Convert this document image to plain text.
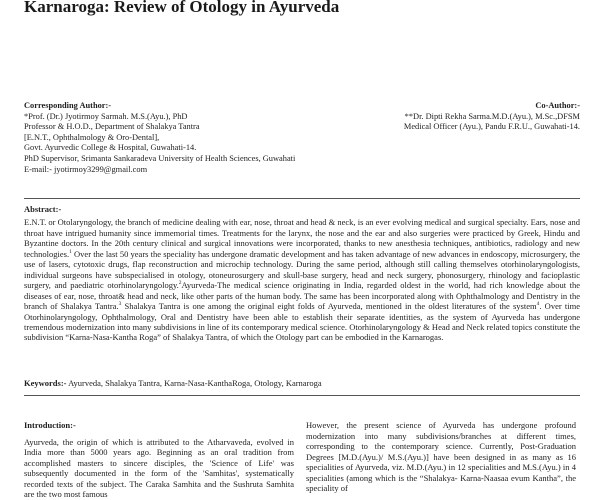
Karnaroga: Review of Otology in Ayurveda
Corresponding Author:-
*Prof. (Dr.) Jyotirmoy Sarmah. M.S.(Ayu.), PhD
Professor & H.O.D., Department of Shalakya Tantra
[E.N.T., Ophthalmology & Oro-Dental],
Govt. Ayurvedic College & Hospital, Guwahati-14.
PhD Supervisor, Srimanta Sankaradeva University of Health Sciences, Guwahati
E-mail:- jyotirmoy3299@gmail.com
Co-Author:-
**Dr. Dipti Rekha Sarma.M.D.(Ayu.), M.Sc.,DFSM
Medical Officer (Ayu.), Pandu F.R.U., Guwahati-14.
Abstract:-

E.N.T. or Otolaryngology, the branch of medicine dealing with ear, nose, throat and head & neck, is an ever evolving medical and surgical specialty. Ears, nose and throat have intrigued humanity since immemorial times. Treatments for the larynx, the nose and the ear and also surgeries were practiced by Greek, Hindu and Byzantine doctors. In the 20th century clinical and surgical innovations were incorporated, thanks to new anesthesia techniques, antibiotics, radiology and new technologies.$^1$ Over the last 50 years the speciality has undergone dramatic development and has taken advantage of new advances in endoscopy, microsurgery, the use of lasers, cytotoxic drugs, flap reconstruction and microchip technology. During the same period, although still calling themselves otorhinolaryngologists, individual surgeons have subspecialised in otology, otoneurosurgery and skull-base surgery, head and neck surgery, phonosurgery, rhinology and facioplastic surgery, and paediatric otorhinolaryngology.$^2$Ayurveda-The medical science originating in India, regarded oldest in the world, had rich knowledge about the diseases of ear, nose, throat& head and neck, like other parts of the human body. The same has been incorporated along with Ophthalmology and Dentistry in the branch of Shalakya Tantra.$^3$ Shalakya Tantra is one among the original eight folds of Ayurveda, mentioned in the oldest literatures of the system$^4$. Over time Otorhinolaryngology, Ophthalmology, Oral and Dentistry have been able to establish their separate identities, as the system of Ayurveda has undergone tremendous modernization into many subdivisions in line of its contemporary medical science. Otorhinolaryngology & Head and Neck related topics constitute the subdivision “Karna-Nasa-Kantha Roga” of Shalakya Tantra, of which the Otology part can be embodied in the Karnarogas.

Keywords:- Ayurveda, Shalakya Tantra, Karna-Nasa-KanthaRoga, Otology, Karnaroga
Introduction:-
Ayurveda, the origin of which is attributed to the Atharvaveda, evolved in India more than 5000 years ago. Beginning as an oral tradition from accomplished masters to sincere disciples, the 'Science of Life' was subsequently documented in the form of the 'Samhitas', systematically recorded texts of the subject. The Caraka Samhita and the Sushruta Samhita are the two most famous
However, the present science of Ayurveda has undergone profound modernization into many subdivisions/branches at different times, corresponding to the contemporary science. Currently, Post-Graduation Degrees [M.D.(Ayu.)/ M.S.(Ayu.)] have been designed in as many as 16 specialities of Ayurveda, viz. M.D.(Ayu.) in 12 specialities and M.S.(Ayu.) in 4 specialities (among which is the “Shalakya- Karna-Naasaa evum Kantha”, the speciality of
